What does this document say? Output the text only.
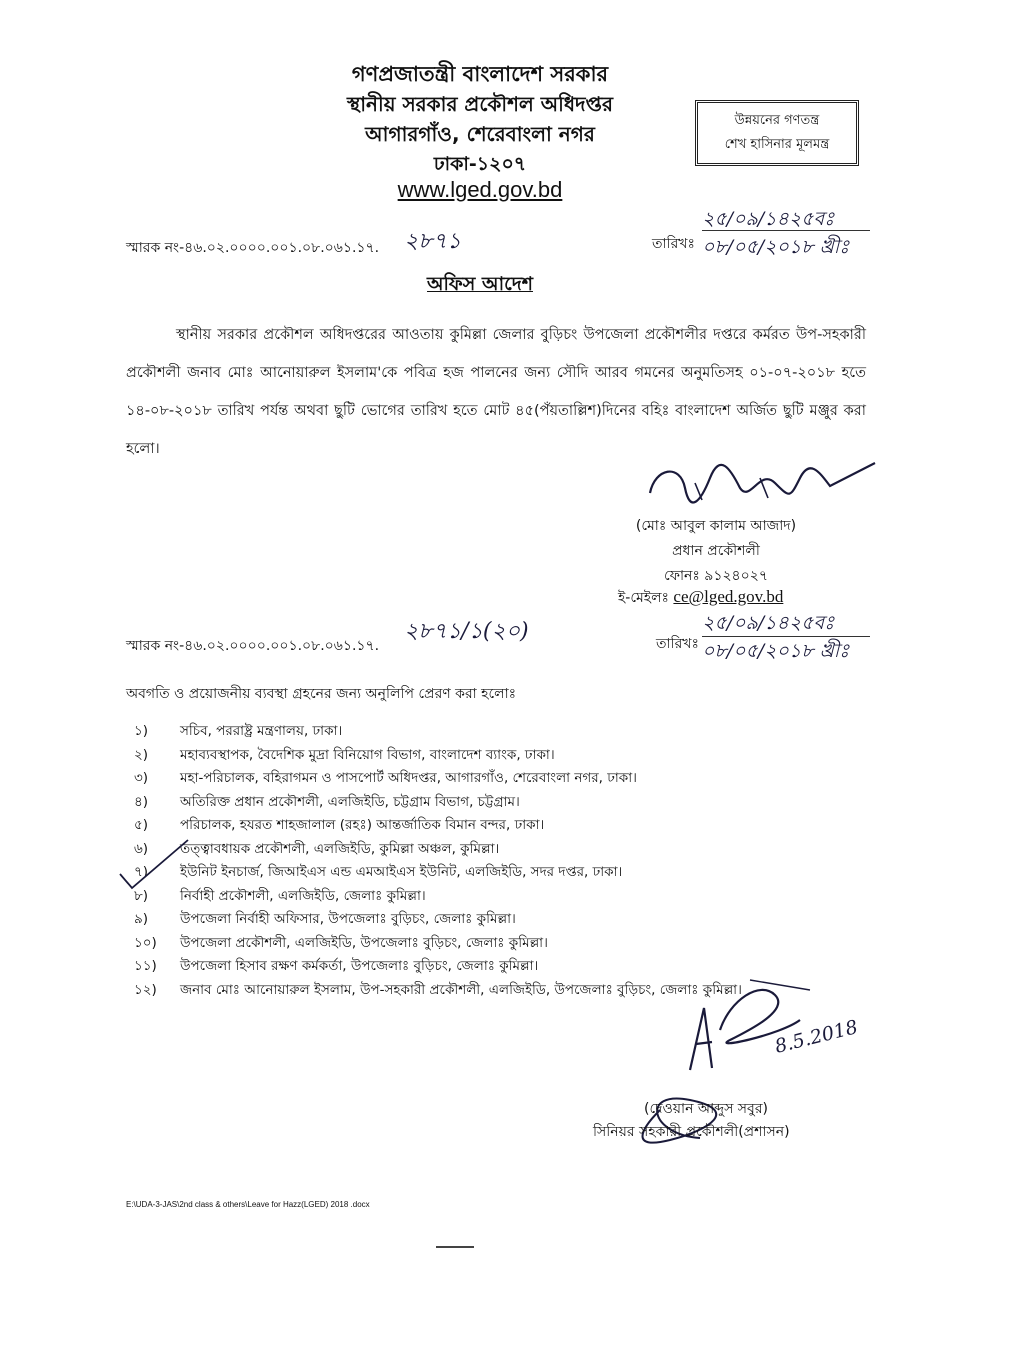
গণপ্রজাতন্ত্রী বাংলাদেশ সরকার
স্থানীয় সরকার প্রকৌশল অধিদপ্তর
আগারগাঁও, শেরেবাংলা নগর
ঢাকা-১২০৭
www.lged.gov.bd
উন্নয়নের গণতন্ত্র
শেখ হাসিনার মূলমন্ত্র
স্মারক নং-৪৬.০২.০০০০.০০১.০৮.০৬১.১৭. ২৮৭১	তারিখঃ
২৫/০৯/১৪২৫বঃ
০৮/০৫/২০১৮ খ্রীঃ
অফিস আদেশ
স্থানীয় সরকার প্রকৌশল অধিদপ্তরের আওতায় কুমিল্লা জেলার বুড়িচং উপজেলা প্রকৌশলীর দপ্তরে কর্মরত উপ-সহকারী প্রকৌশলী জনাব মোঃ আনোয়ারুল ইসলাম'কে পবিত্র হজ পালনের জন্য সৌদি আরব গমনের অনুমতিসহ ০১-০৭-২০১৮ হতে ১৪-০৮-২০১৮ তারিখ পর্যন্ত অথবা ছুটি ভোগের তারিখ হতে মোট ৪৫(পঁয়তাল্লিশ)দিনের বহিঃ বাংলাদেশ অর্জিত ছুটি মঞ্জুর করা হলো।
(মোঃ আবুল কালাম আজাদ)
প্রধান প্রকৌশলী
ফোনঃ ৯১২৪০২৭
ই-মেইলঃ ce@lged.gov.bd
স্মারক নং-৪৬.০২.০০০০.০০১.০৮.০৬১.১৭.
২৮৭১/১(২০)	তারিখঃ
২৫/০৯/১৪২৫বঃ
০৮/০৫/২০১৮ খ্রীঃ
অবগতি ও প্রয়োজনীয় ব্যবস্থা গ্রহনের জন্য অনুলিপি প্রেরণ করা হলোঃ
১) সচিব, পররাষ্ট্র মন্ত্রণালয়, ঢাকা।
২) মহাব্যবস্থাপক, বৈদেশিক মুদ্রা বিনিয়োগ বিভাগ, বাংলাদেশ ব্যাংক, ঢাকা।
৩) মহা-পরিচালক, বহিরাগমন ও পাসপোর্ট অধিদপ্তর, আগারগাঁও, শেরেবাংলা নগর, ঢাকা।
৪) অতিরিক্ত প্রধান প্রকৌশলী, এলজিইডি, চট্টগ্রাম বিভাগ, চট্টগ্রাম।
৫) পরিচালক, হযরত শাহজালাল (রহঃ) আন্তর্জাতিক বিমান বন্দর, ঢাকা।
৬) তত্ত্বাবধায়ক প্রকৌশলী, এলজিইডি, কুমিল্লা অঞ্চল, কুমিল্লা।
৭) ইউনিট ইনচার্জ, জিআইএস এন্ড এমআইএস ইউনিট, এলজিইডি, সদর দপ্তর, ঢাকা।
৮) নির্বাহী প্রকৌশলী, এলজিইডি, জেলাঃ কুমিল্লা।
৯) উপজেলা নির্বাহী অফিসার, উপজেলাঃ বুড়িচং, জেলাঃ কুমিল্লা।
১০) উপজেলা প্রকৌশলী, এলজিইডি, উপজেলাঃ বুড়িচং, জেলাঃ কুমিল্লা।
১১) উপজেলা হিসাব রক্ষণ কর্মকর্তা, উপজেলাঃ বুড়িচং, জেলাঃ কুমিল্লা।
১২) জনাব মোঃ আনোয়ারুল ইসলাম, উপ-সহকারী প্রকৌশলী, এলজিইডি, উপজেলাঃ বুড়িচং, জেলাঃ কুমিল্লা।
8.5.2018
(দেওয়ান আব্দুস সবুর)
সিনিয়র সহকারী প্রকৌশলী(প্রশাসন)
E:\UDA-3-JAS\2nd class & others\Leave for Hazz(LGED) 2018 .docx
